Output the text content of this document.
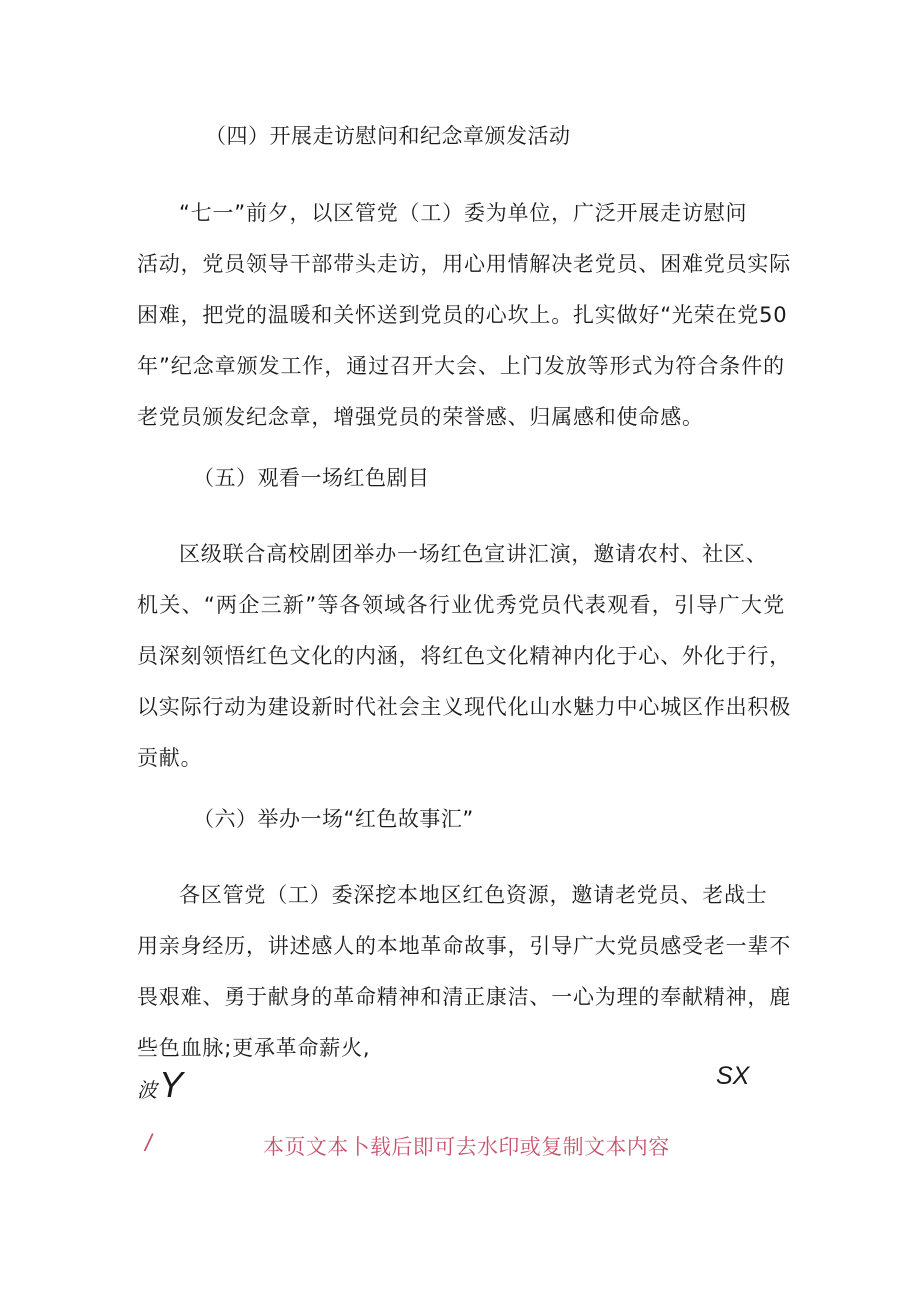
（四）开展走访慰问和纪念章颁发活动
“七一”前夕，以区管党（工）委为单位，广泛开展走访慰问
活动，党员领导干部带头走访，用心用情解决老党员、困难党员实际
困难，把党的温暖和关怀送到党员的心坎上。扎实做好“光荣在党50
年”纪念章颁发工作，通过召开大会、上门发放等形式为符合条件的
老党员颁发纪念章，增强党员的荣誉感、归属感和使命感。
（五）观看一场红色剧目
区级联合高校剧团举办一场红色宣讲汇演，邀请农村、社区、
机关、“两企三新”等各领域各行业优秀党员代表观看，引导广大党
员深刻领悟红色文化的内涵，将红色文化精神内化于心、外化于行，
以实际行动为建设新时代社会主义现代化山水魅力中心城区作出积极
贡献。
（六）举办一场“红色故事汇”
各区管党（工）委深挖本地区红色资源，邀请老党员、老战士
用亲身经历，讲述感人的本地革命故事，引导广大党员感受老一辈不
畏艰难、勇于献身的革命精神和清正康洁、一心为理的奉献精神，鹿
些色血脉;更承革命薪火,
波Y	SX
/	本页文本卜载后即可去水印或复制文本内容
